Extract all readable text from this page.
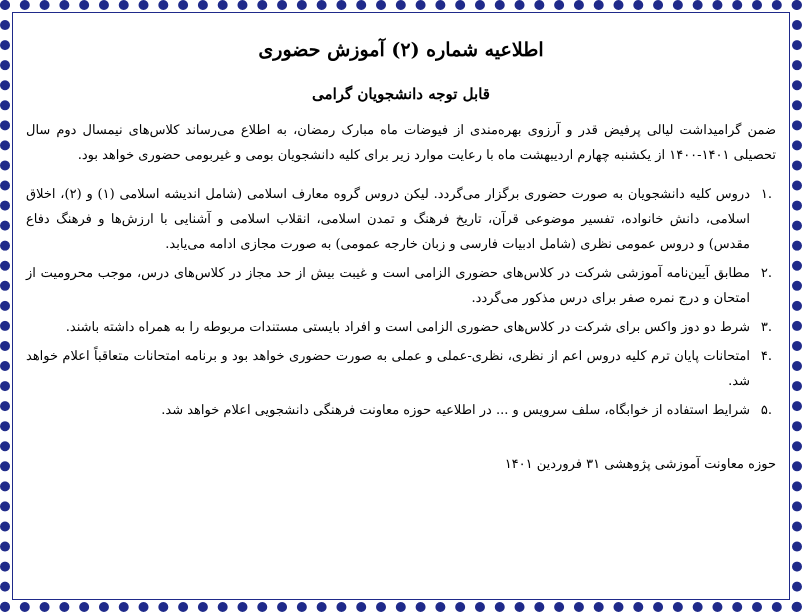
اطلاعیه شماره (۲) آموزش حضوری
قابل توجه دانشجویان گرامی

ضمن گرامیداشت لیالی پرفیض قدر و آرزوی بهره‌مندی از فیوضات ماه مبارک رمضان، به اطلاع می‌رساند کلاس‌های نیمسال دوم سال تحصیلی ۱۴۰۱-۱۴۰۰ از یکشنبه چهارم اردیبهشت ماه با رعایت موارد زیر برای کلیه دانشجویان بومی و غیربومی حضوری خواهد بود.

.۱
دروس کلیه دانشجویان به صورت حضوری برگزار می‌گردد. لیکن دروس گروه معارف اسلامی (شامل اندیشه اسلامی (۱) و (۲)، اخلاق اسلامی، دانش خانواده، تفسیر موضوعی قرآن، تاریخ فرهنگ و تمدن اسلامی، انقلاب اسلامی و آشنایی با ارزش‌ها و فرهنگ دفاع مقدس) و دروس عمومی نظری (شامل ادبیات فارسی و زبان خارجه عمومی) به صورت مجازی ادامه می‌یابد.
.۲
مطابق آیین‌نامه آموزشی شرکت در کلاس‌های حضوری الزامی است و غیبت بیش از حد مجاز در کلاس‌های درس، موجب محرومیت از امتحان و درج نمره صفر برای درس مذکور می‌گردد.
.۳
شرط دو دوز واکس برای شرکت در کلاس‌های حضوری الزامی است و افراد بایستی مستندات مربوطه را به همراه داشته باشند.
.۴
امتحانات پایان ترم کلیه دروس اعم از نظری، نظری-عملی و عملی به صورت حضوری خواهد بود و برنامه امتحانات متعاقباً اعلام خواهد شد.
.۵
شرایط استفاده از خوابگاه، سلف سرویس و ... در اطلاعیه حوزه معاونت فرهنگی دانشجویی اعلام خواهد شد.
حوزه معاونت آموزشی پژوهشی ۳۱ فروردین ۱۴۰۱
